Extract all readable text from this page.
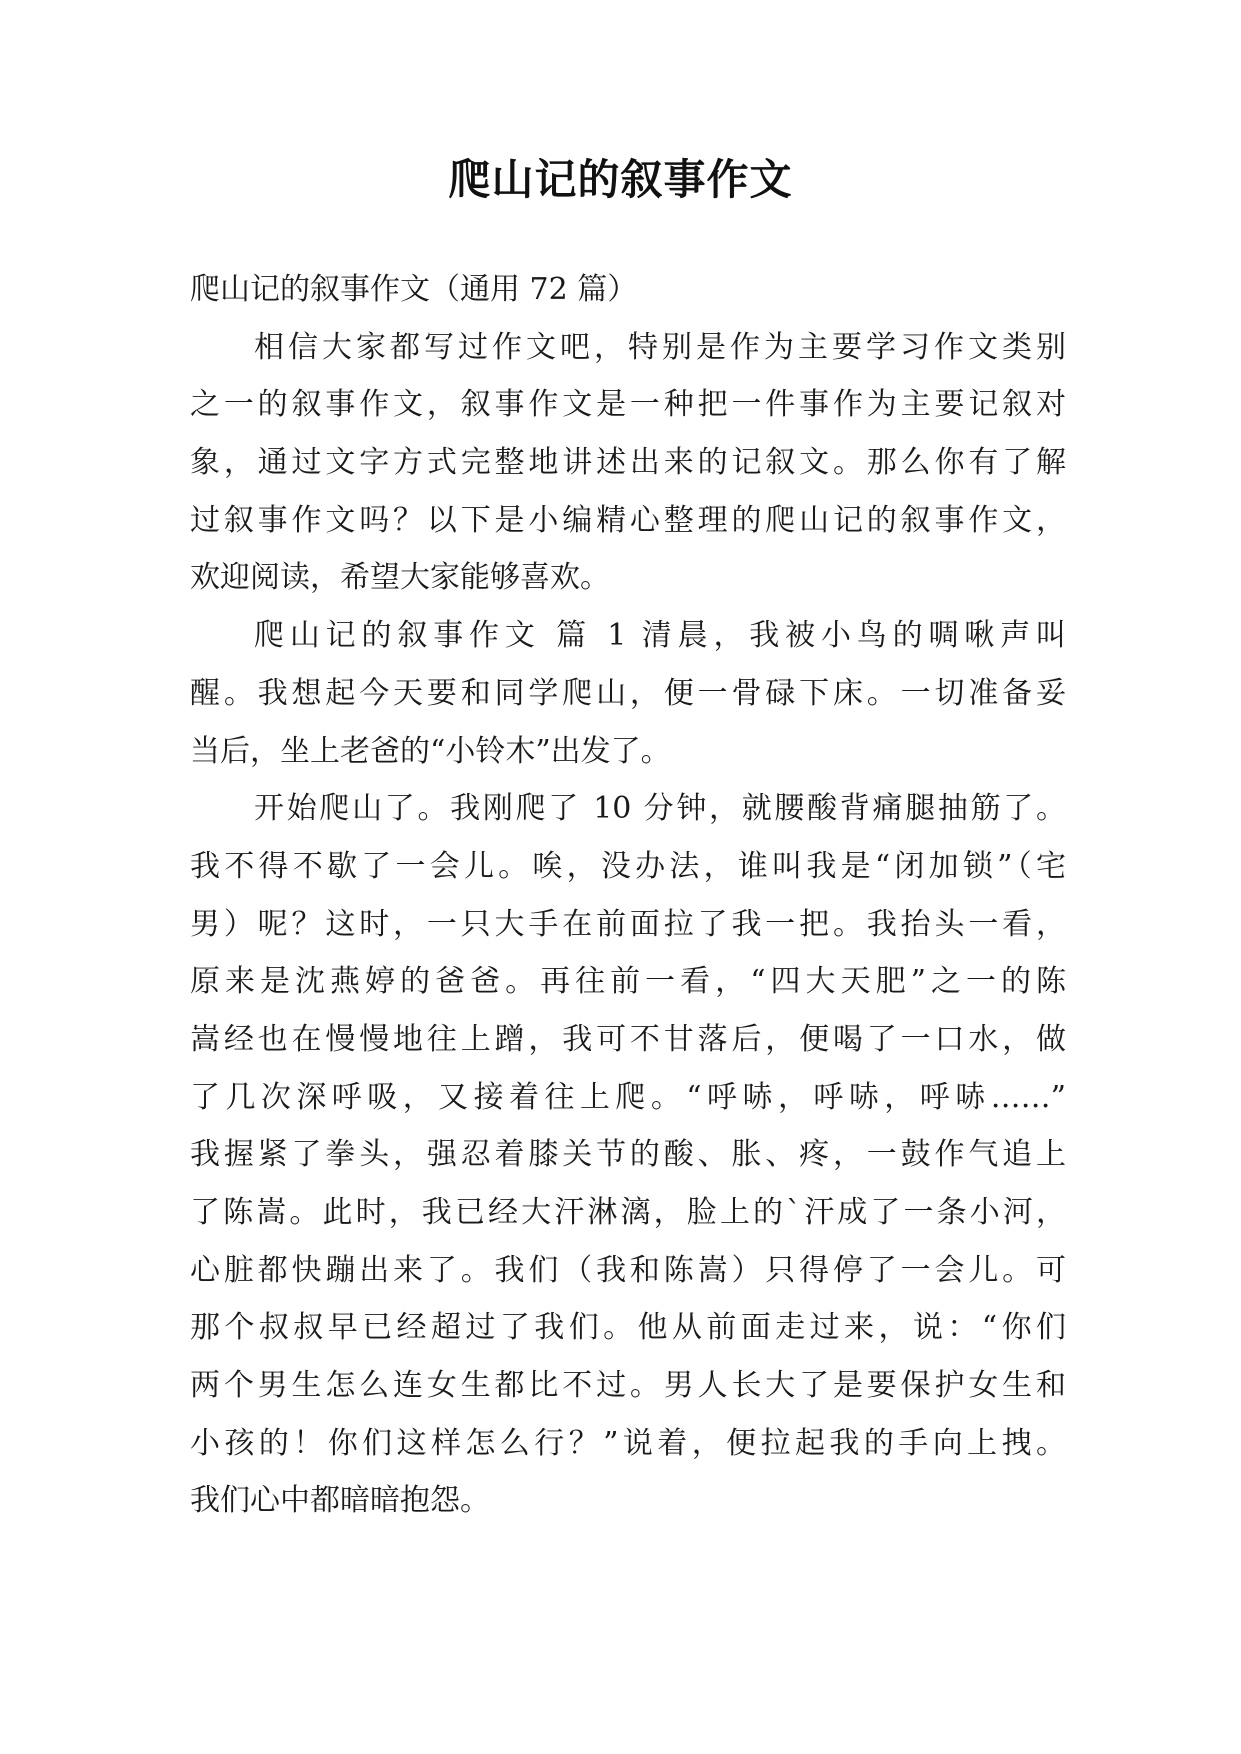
爬山记的叙事作文
爬山记的叙事作文（通用 72 篇）
相信大家都写过作文吧，特别是作为主要学习作文类别
之一的叙事作文，叙事作文是一种把一件事作为主要记叙对
象，通过文字方式完整地讲述出来的记叙文。那么你有了解
过叙事作文吗？以下是小编精心整理的爬山记的叙事作文，
欢迎阅读，希望大家能够喜欢。
爬山记的叙事作文 篇 1 清晨，我被小鸟的啁啾声叫
醒。我想起今天要和同学爬山，便一骨碌下床。一切准备妥
当后，坐上老爸的“小铃木”出发了。
开始爬山了。我刚爬了 10 分钟，就腰酸背痛腿抽筋了。
我不得不歇了一会儿。唉，没办法，谁叫我是“闭加锁”（宅
男）呢？这时，一只大手在前面拉了我一把。我抬头一看，
原来是沈燕婷的爸爸。再往前一看，“四大天肥”之一的陈
嵩经也在慢慢地往上蹭，我可不甘落后，便喝了一口水，做
了几次深呼吸，又接着往上爬。“呼哧，呼哧，呼哧……”
我握紧了拳头，强忍着膝关节的酸、胀、疼，一鼓作气追上
了陈嵩。此时，我已经大汗淋漓，脸上的`汗成了一条小河，
心脏都快蹦出来了。我们（我和陈嵩）只得停了一会儿。可
那个叔叔早已经超过了我们。他从前面走过来，说：“你们
两个男生怎么连女生都比不过。男人长大了是要保护女生和
小孩的！你们这样怎么行？”说着，便拉起我的手向上拽。
我们心中都暗暗抱怨。
